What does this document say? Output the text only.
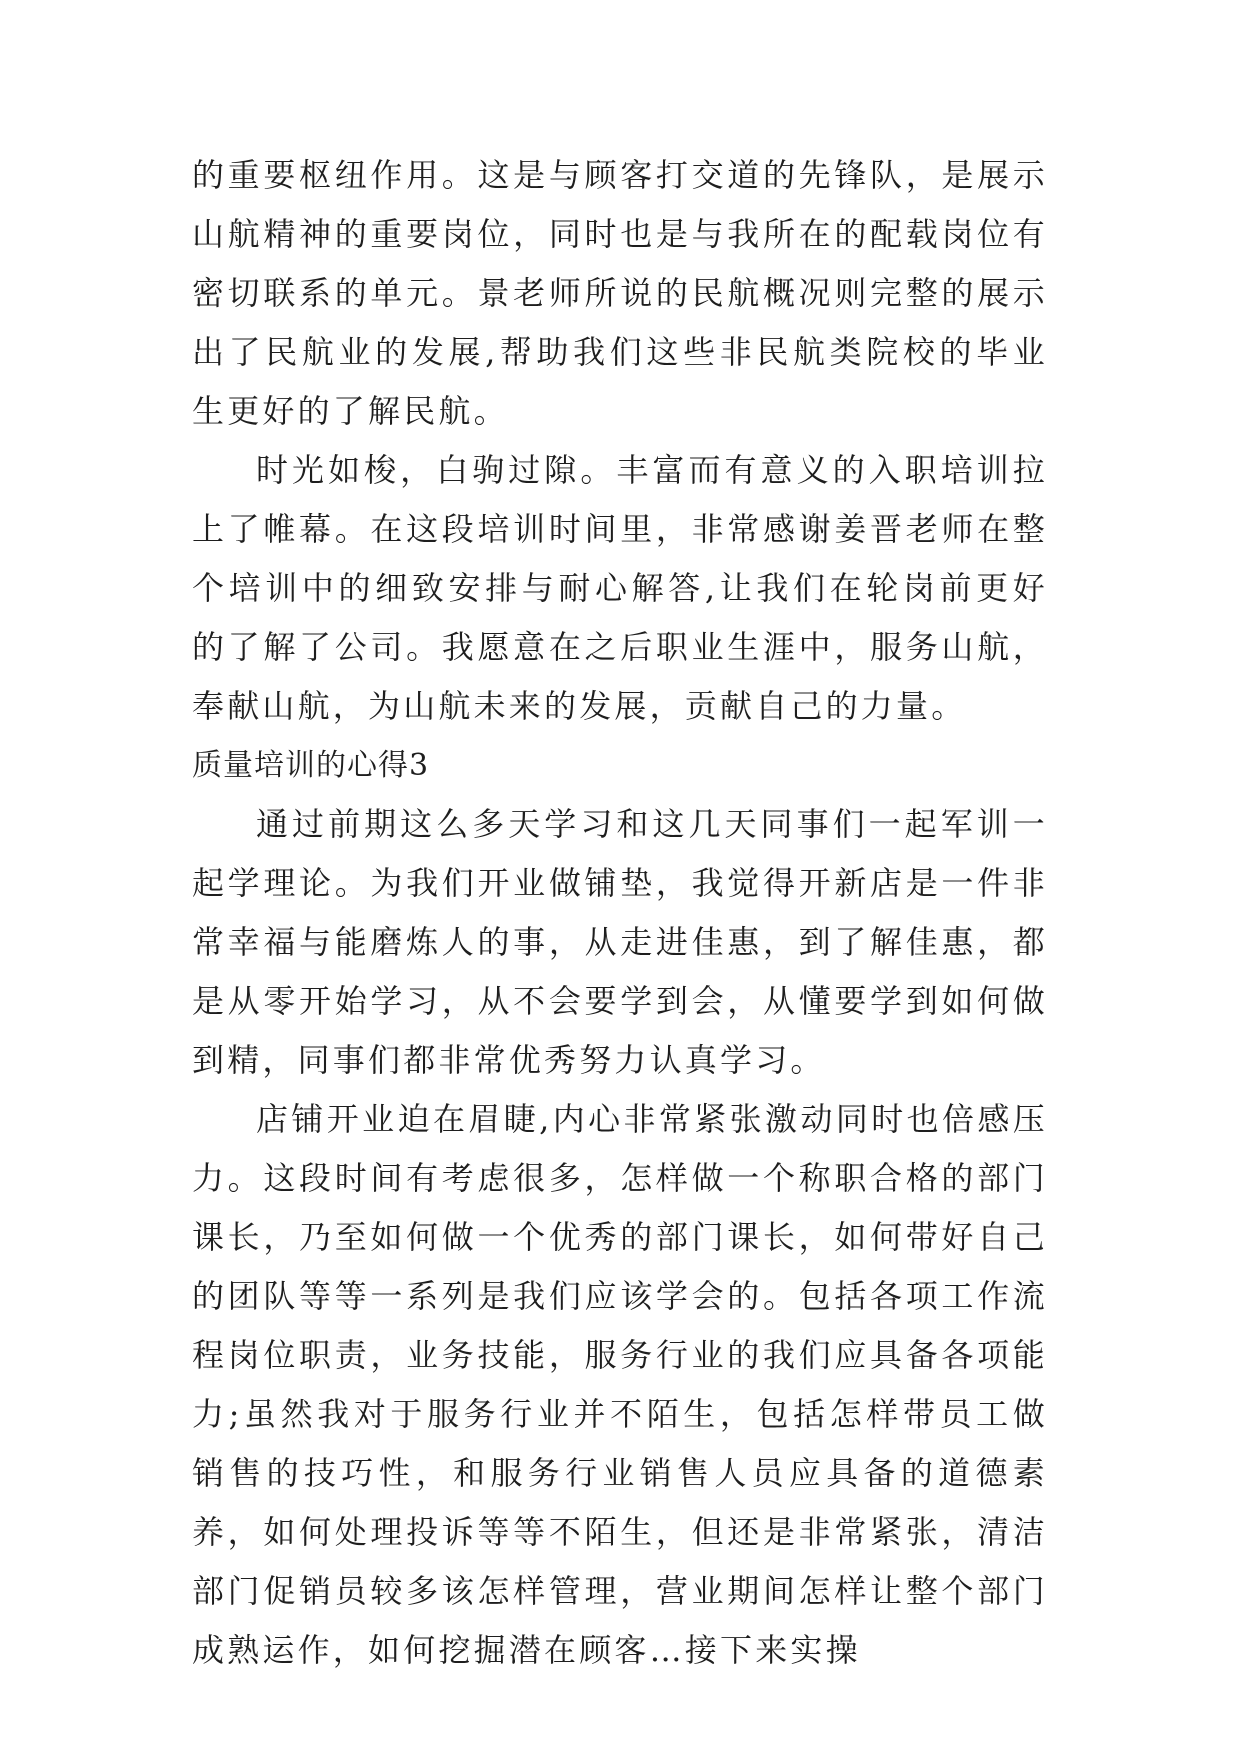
的重要枢纽作用。这是与顾客打交道的先锋队，是展示山航精神的重要岗位，同时也是与我所在的配载岗位有密切联系的单元。景老师所说的民航概况则完整的展示出了民航业的发展,帮助我们这些非民航类院校的毕业生更好的了解民航。

时光如梭，白驹过隙。丰富而有意义的入职培训拉上了帷幕。在这段培训时间里，非常感谢姜晋老师在整个培训中的细致安排与耐心解答,让我们在轮岗前更好的了解了公司。我愿意在之后职业生涯中，服务山航，奉献山航，为山航未来的发展，贡献自己的力量。

质量培训的心得3

通过前期这么多天学习和这几天同事们一起军训一起学理论。为我们开业做铺垫，我觉得开新店是一件非常幸福与能磨炼人的事，从走进佳惠，到了解佳惠，都是从零开始学习，从不会要学到会，从懂要学到如何做到精，同事们都非常优秀努力认真学习。

店铺开业迫在眉睫,内心非常紧张激动同时也倍感压力。这段时间有考虑很多，怎样做一个称职合格的部门课长，乃至如何做一个优秀的部门课长，如何带好自己的团队等等一系列是我们应该学会的。包括各项工作流程岗位职责，业务技能，服务行业的我们应具备各项能力;虽然我对于服务行业并不陌生，包括怎样带员工做销售的技巧性，和服务行业销售人员应具备的道德素养，如何处理投诉等等不陌生，但还是非常紧张，清洁部门促销员较多该怎样管理，营业期间怎样让整个部门成熟运作，如何挖掘潜在顾客…接下来实操
